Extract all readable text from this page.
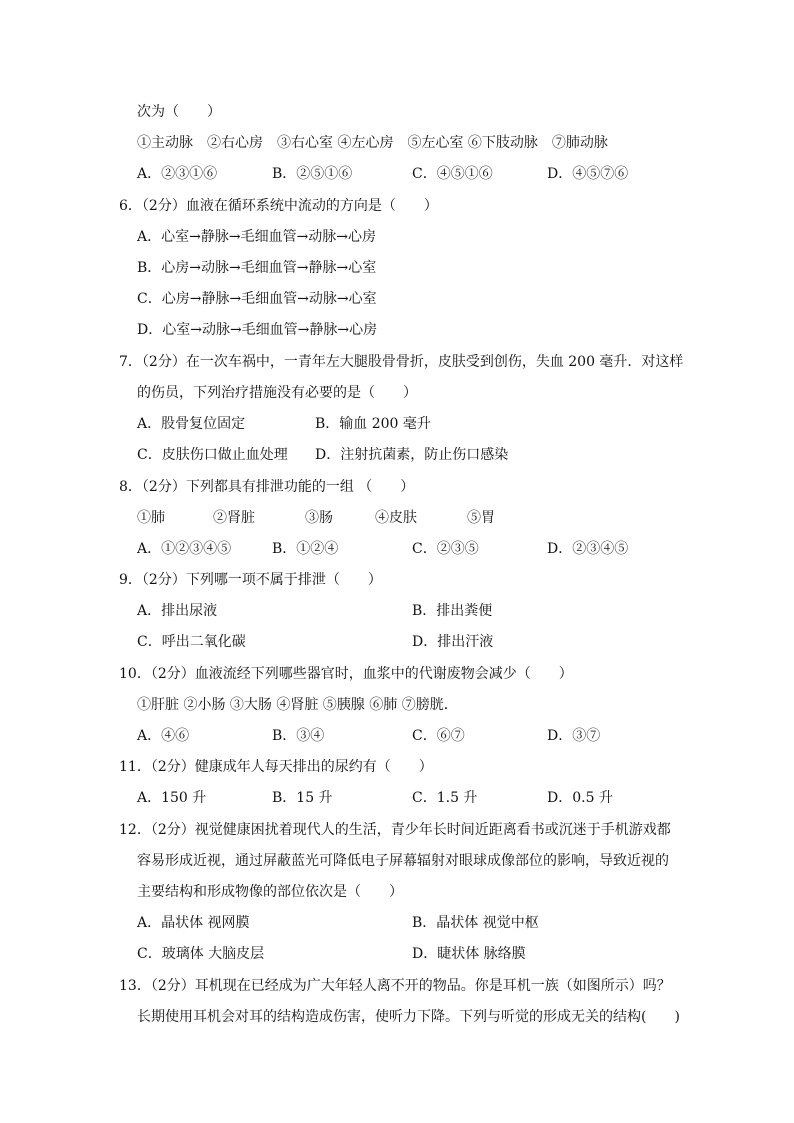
次为（　　）
①主动脉　②右心房　③右心室 ④左心房　⑤左心室 ⑥下肢动脉　⑦肺动脉
A．②③①⑥	B．②⑤①⑥	C．④⑤①⑥	D．④⑤⑦⑥
6．（2分）血液在循环系统中流动的方向是（　　）
A．心室→静脉→毛细血管→动脉→心房
B．心房→动脉→毛细血管→静脉→心室
C．心房→静脉→毛细血管→动脉→心室
D．心室→动脉→毛细血管→静脉→心房
7．（2分）在一次车祸中，一青年左大腿股骨骨折，皮肤受到创伤，失血 200 毫升．对这样
的伤员，下列治疗措施没有必要的是（　　）
A．股骨复位固定	B．输血 200 毫升
C．皮肤伤口做止血处理 D．注射抗菌素，防止伤口感染
8．（2分）下列都具有排泄功能的一组 （　　）
①肺	②肾脏	③肠	④皮肤	⑤胃
A．①②③④⑤	B．①②④	C．②③⑤	D．②③④⑤
9．（2分）下列哪一项不属于排泄（　　）
A．排出尿液	B．排出粪便
C．呼出二氧化碳	D．排出汗液
10．（2分）血液流经下列哪些器官时，血浆中的代谢废物会减少（　　）
①肝脏 ②小肠 ③大肠 ④肾脏 ⑤胰腺 ⑥肺 ⑦膀胱．
A．④⑥	B．③④	C．⑥⑦	D．③⑦
11．（2分）健康成年人每天排出的尿约有（　　）
A．150 升	B．15 升	C．1.5 升	D．0.5 升
12．（2分）视觉健康困扰着现代人的生活，青少年长时间近距离看书或沉迷于手机游戏都
容易形成近视，通过屏蔽蓝光可降低电子屏幕辐射对眼球成像部位的影响，导致近视的
主要结构和形成物像的部位依次是（　　）
A．晶状体 视网膜	B．晶状体 视觉中枢
C．玻璃体 大脑皮层	D．睫状体 脉络膜
13．（2分）耳机现在已经成为广大年轻人离不开的物品。你是耳机一族（如图所示）吗？
长期使用耳机会对耳的结构造成伤害，使听力下降。下列与听觉的形成无关的结构(　　)
